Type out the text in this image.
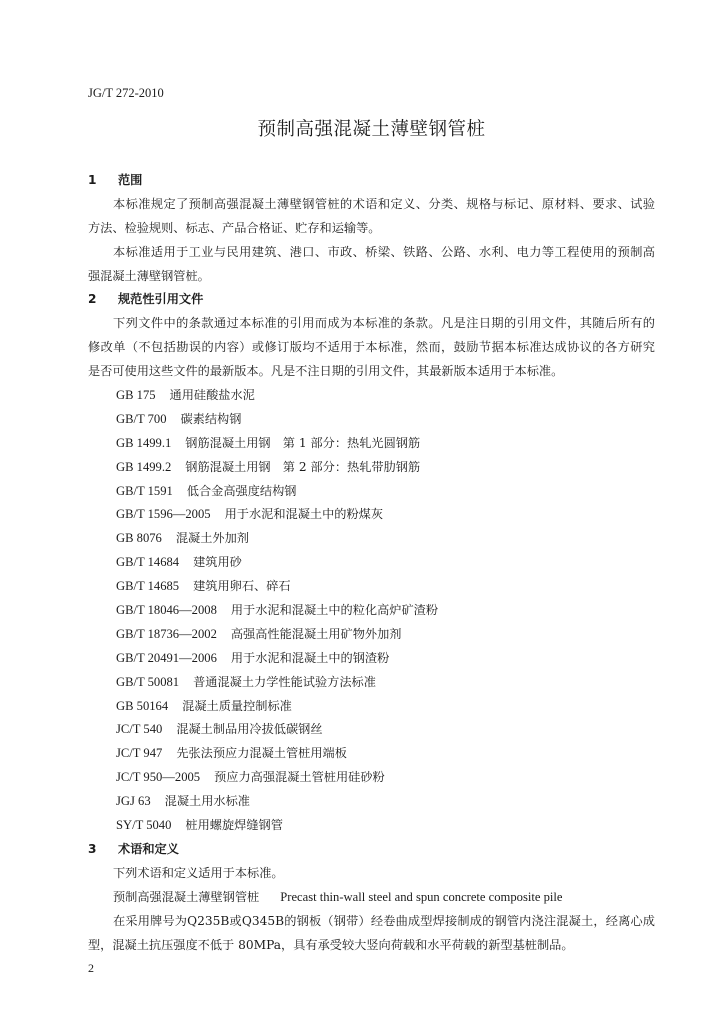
JG/T 272-2010
预制高强混凝土薄壁钢管桩
1 范围
本标准规定了预制高强混凝土薄壁钢管桩的术语和定义、分类、规格与标记、原材料、要求、试验
方法、检验规则、标志、产品合格证、贮存和运输等。
本标准适用于工业与民用建筑、港口、市政、桥梁、铁路、公路、水利、电力等工程使用的预制高
强混凝土薄壁钢管桩。
2 规范性引用文件
下列文件中的条款通过本标准的引用而成为本标准的条款。凡是注日期的引用文件，其随后所有的
修改单（不包括勘误的内容）或修订版均不适用于本标准，然而，鼓励节据本标准达成协议的各方研究
是否可使用这些文件的最新版本。凡是不注日期的引用文件，其最新版本适用于本标准。
GB 175 通用硅酸盐水泥
GB/T 700 碳素结构钢
GB 1499.1 钢筋混凝土用钢　第 1 部分：热轧光圆钢筋
GB 1499.2 钢筋混凝土用钢　第 2 部分：热轧带肋钢筋
GB/T 1591 低合金高强度结构钢
GB/T 1596—2005 用于水泥和混凝土中的粉煤灰
GB 8076 混凝土外加剂
GB/T 14684 建筑用砂
GB/T 14685 建筑用卵石、碎石
GB/T 18046—2008 用于水泥和混凝土中的粒化高炉矿渣粉
GB/T 18736—2002 高强高性能混凝土用矿物外加剂
GB/T 20491—2006 用于水泥和混凝土中的钢渣粉
GB/T 50081 普通混凝土力学性能试验方法标准
GB 50164 混凝土质量控制标准
JC/T 540 混凝土制品用冷拔低碳钢丝
JC/T 947 先张法预应力混凝土管桩用端板
JC/T 950—2005 预应力高强混凝土管桩用硅砂粉
JGJ 63 混凝土用水标准
SY/T 5040 桩用螺旋焊缝钢管
3 术语和定义
下列术语和定义适用于本标准。
预制高强混凝土薄壁钢管桩 Precast thin-wall steel and spun concrete composite pile
在采用牌号为Q235B或Q345B的钢板（钢带）经卷曲成型焊接制成的钢管内浇注混凝土，经离心成
型，混凝土抗压强度不低于 80MPa，具有承受较大竖向荷载和水平荷载的新型基桩制品。
2
